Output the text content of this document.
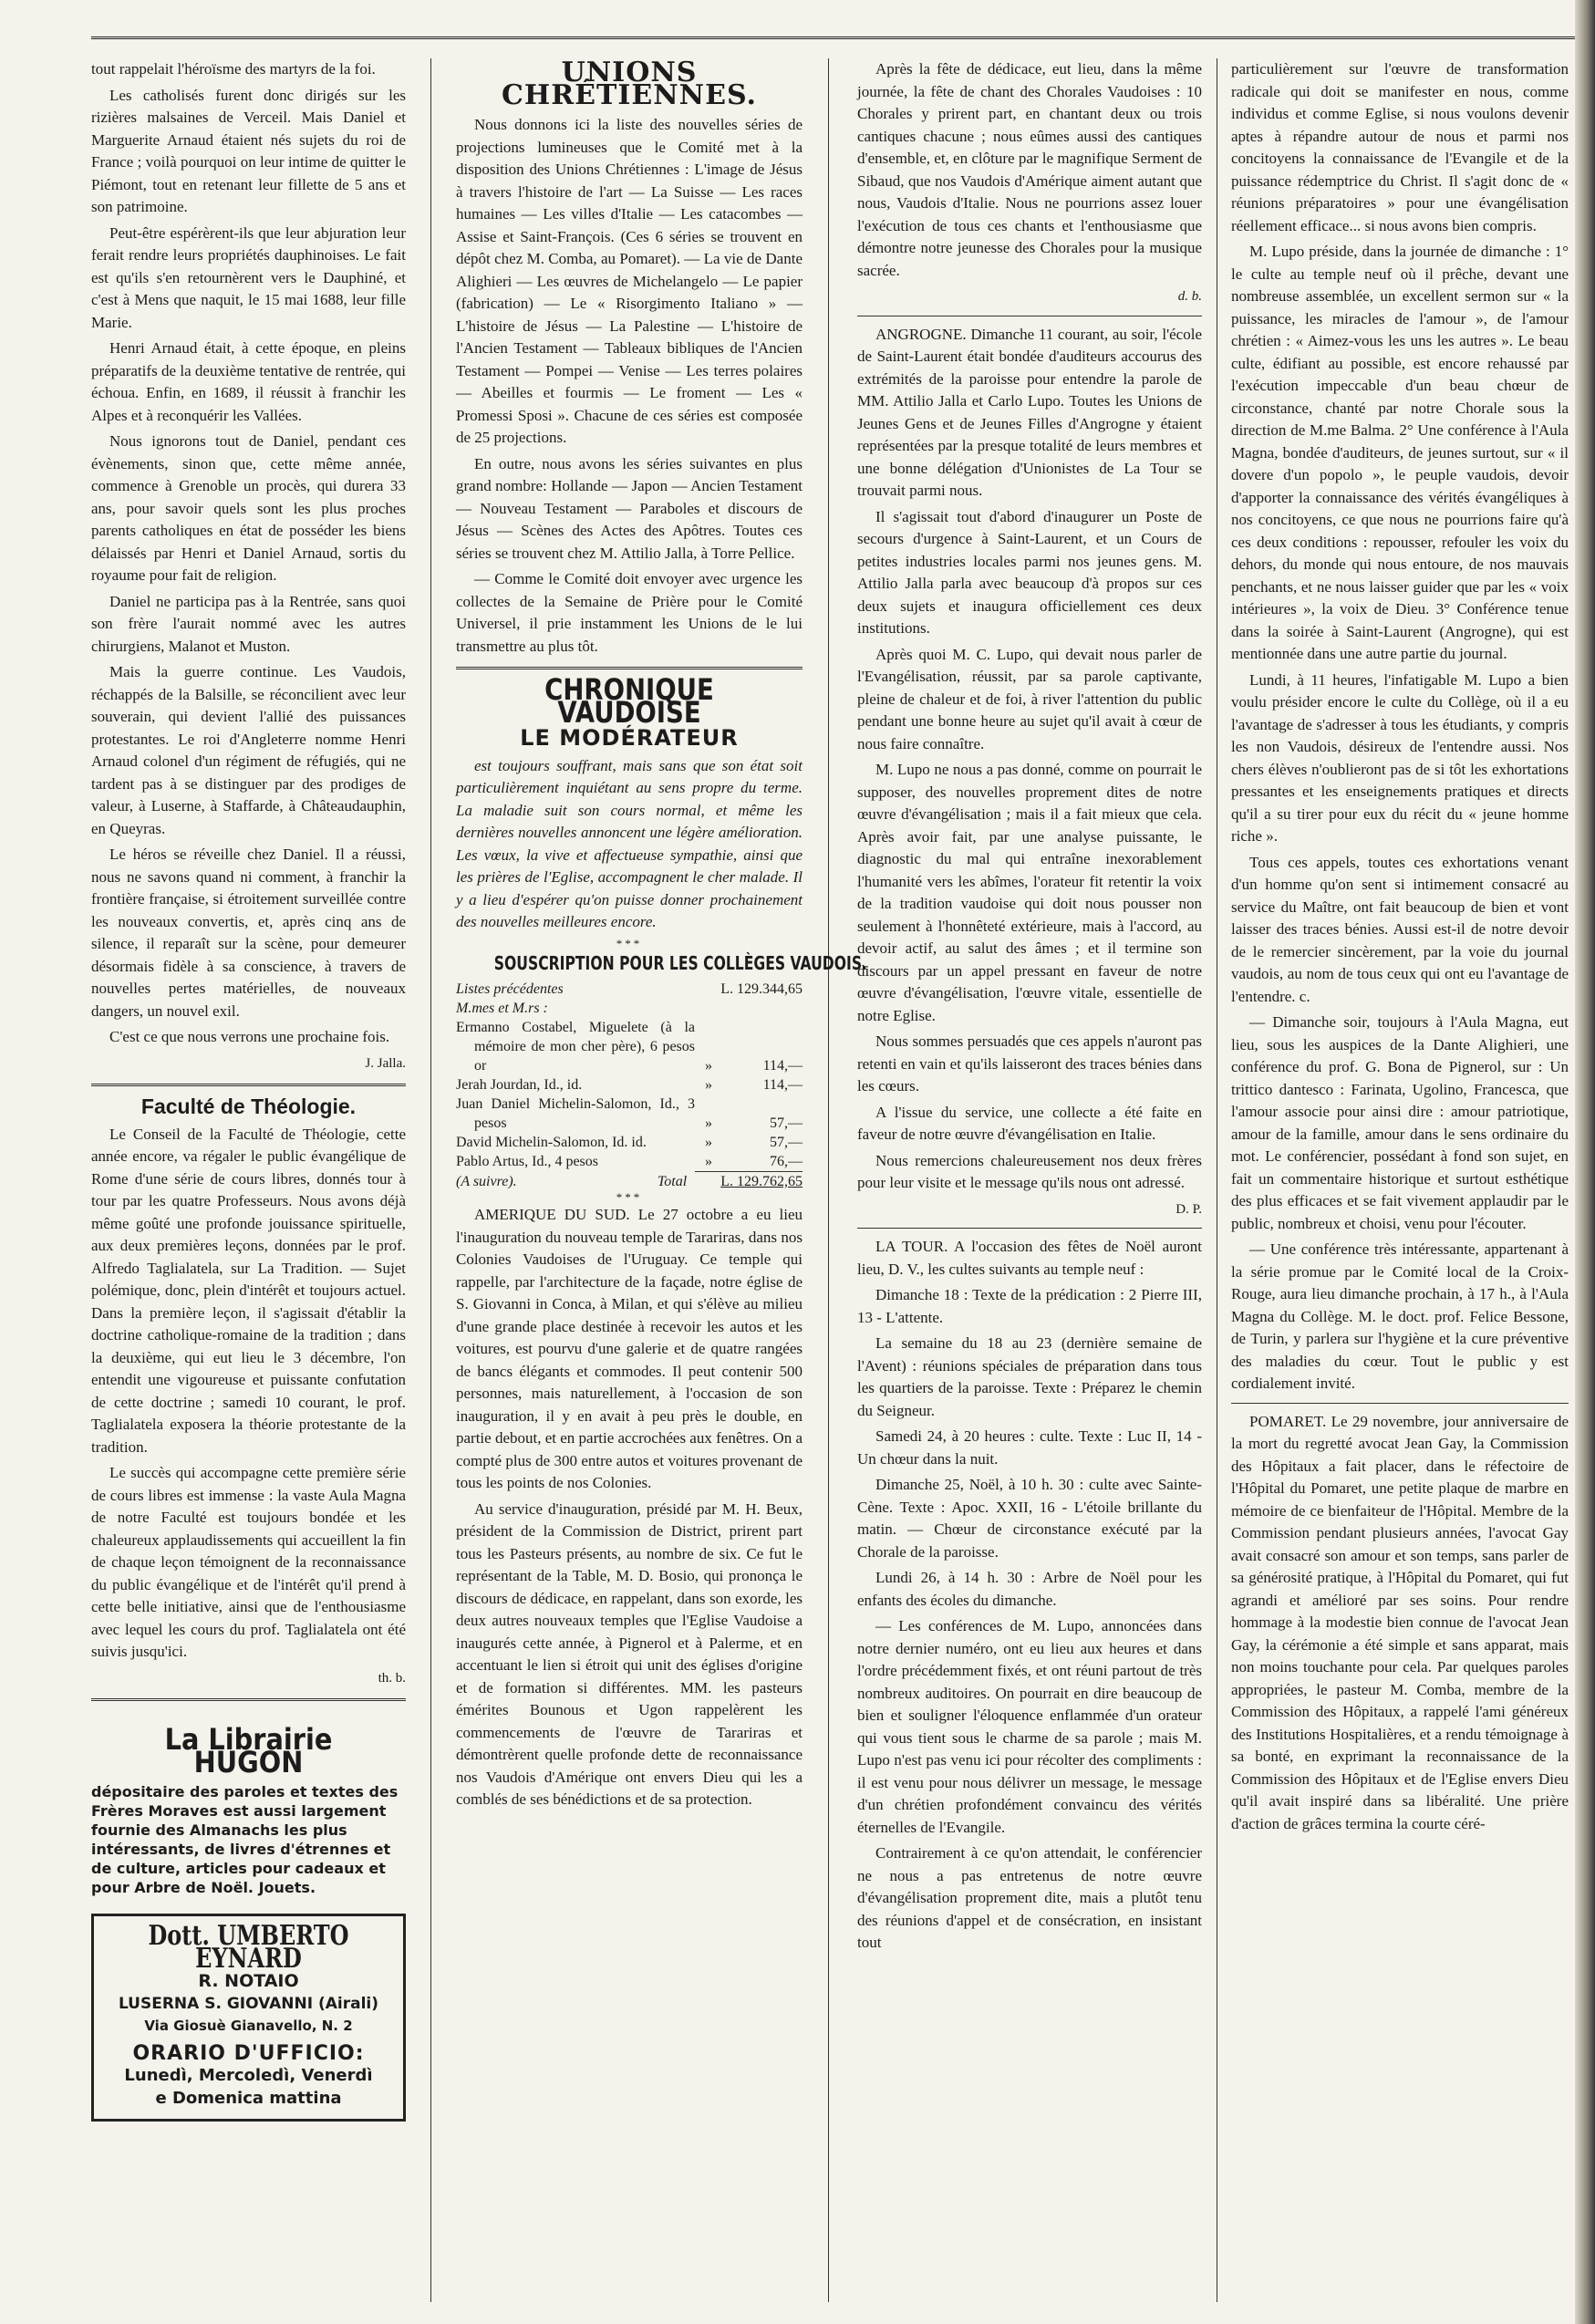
tout rappelait l'héroïsme des martyrs de la foi.

Les catholisés furent donc dirigés sur les rizières malsaines de Verceil. Mais Daniel et Marguerite Arnaud étaient nés sujets du roi de France ; voilà pourquoi on leur intime de quitter le Piémont, tout en retenant leur fillette de 5 ans et son patrimoine.

Peut-être espérèrent-ils que leur abjuration leur ferait rendre leurs propriétés dauphinoises. Le fait est qu'ils s'en retournèrent vers le Dauphiné, et c'est à Mens que naquit, le 15 mai 1688, leur fille Marie.

Henri Arnaud était, à cette époque, en pleins préparatifs de la deuxième tentative de rentrée, qui échoua. Enfin, en 1689, il réussit à franchir les Alpes et à reconquérir les Vallées.

Nous ignorons tout de Daniel, pendant ces évènements, sinon que, cette même année, commence à Grenoble un procès, qui durera 33 ans, pour savoir quels sont les plus proches parents catholiques en état de posséder les biens délaissés par Henri et Daniel Arnaud, sortis du royaume pour fait de religion.

Daniel ne participa pas à la Rentrée, sans quoi son frère l'aurait nommé avec les autres chirurgiens, Malanot et Muston.

Mais la guerre continue. Les Vaudois, réchappés de la Balsille, se réconcilient avec leur souverain, qui devient l'allié des puissances protestantes. Le roi d'Angleterre nomme Henri Arnaud colonel d'un régiment de réfugiés, qui ne tardent pas à se distinguer par des prodiges de valeur, à Luserne, à Staffarde, à Châteaudauphin, en Queyras.

Le héros se réveille chez Daniel. Il a réussi, nous ne savons quand ni comment, à franchir la frontière française, si étroitement surveillée contre les nouveaux convertis, et, après cinq ans de silence, il reparaît sur la scène, pour demeurer désormais fidèle à sa conscience, à travers de nouvelles pertes matérielles, de nouveaux dangers, un nouvel exil.

C'est ce que nous verrons une prochaine fois.

J. Jalla.
Faculté de Théologie.

Le Conseil de la Faculté de Théologie, cette année encore, va régaler le public évangélique de Rome d'une série de cours libres, donnés tour à tour par les quatre Professeurs. Nous avons déjà même goûté une profonde jouissance spirituelle, aux deux premières leçons, données par le prof. Alfredo Taglialatela, sur La Tradition. — Sujet polémique, donc, plein d'intérêt et toujours actuel. Dans la première leçon, il s'agissait d'établir la doctrine catholique-romaine de la tradition ; dans la deuxième, qui eut lieu le 3 décembre, l'on entendit une vigoureuse et puissante confutation de cette doctrine ; samedi 10 courant, le prof. Taglialatela exposera la théorie protestante de la tradition.

Le succès qui accompagne cette première série de cours libres est immense : la vaste Aula Magna de notre Faculté est toujours bondée et les chaleureux applaudissements qui accueillent la fin de chaque leçon témoignent de la reconnaissance du public évangélique et de l'intérêt qu'il prend à cette belle initiative, ainsi que de l'enthousiasme avec lequel les cours du prof. Taglialatela ont été suivis jusqu'ici.

th. b.
La Librairie HUGON
dépositaire des paroles et textes des Frères Moraves est aussi largement fournie des Almanachs les plus intéressants, de livres d'étrennes et de culture, articles pour cadeaux et pour Arbre de Noël. Jouets.
Dott. UMBERTO EYNARD
R. NOTAIO
LUSERNA S. GIOVANNI (Airali)
Via Giosuè Gianavello, N. 2
ORARIO D'UFFICIO:
Lunedì, Mercoledì, Venerdì
e Domenica mattina
UNIONS CHRÉTIENNES.

Nous donnons ici la liste des nouvelles séries de projections lumineuses que le Comité met à la disposition des Unions Chrétiennes : L'image de Jésus à travers l'histoire de l'art — La Suisse — Les races humaines — Les villes d'Italie — Les catacombes — Assise et Saint-François. (Ces 6 séries se trouvent en dépôt chez M. Comba, au Pomaret). — La vie de Dante Alighieri — Les œuvres de Michelangelo — Le papier (fabrication) — Le « Risorgimento Italiano » — L'histoire de Jésus — La Palestine — L'histoire de l'Ancien Testament — Tableaux bibliques de l'Ancien Testament — Pompei — Venise — Les terres polaires — Abeilles et fourmis — Le froment — Les « Promessi Sposi ». Chacune de ces séries est composée de 25 projections.

En outre, nous avons les séries suivantes en plus grand nombre: Hollande — Japon — Ancien Testament — Nouveau Testament — Paraboles et discours de Jésus — Scènes des Actes des Apôtres. Toutes ces séries se trouvent chez M. Attilio Jalla, à Torre Pellice.

— Comme le Comité doit envoyer avec urgence les collectes de la Semaine de Prière pour le Comité Universel, il prie instamment les Unions de le lui transmettre au plus tôt.

CHRONIQUE VAUDOISE
LE MODÉRATEUR

est toujours souffrant, mais sans que son état soit particulièrement inquiétant au sens propre du terme. La maladie suit son cours normal, et même les dernières nouvelles annoncent une légère amélioration. Les vœux, la vive et affectueuse sympathie, ainsi que les prières de l'Eglise, accompagnent le cher malade. Il y a lieu d'espérer qu'on puisse donner prochainement des nouvelles meilleures encore.

***
SOUSCRIPTION POUR LES COLLÈGES VAUDOIS.
Listes précédentes	L. 129.344,65
M.mes et M.rs :
Ermanno Costabel, Miguelete (à la mémoire de mon cher père), 6 pesos or	»	114,—
Jerah Jourdan, Id., id.	»	114,—
Juan Daniel Michelin-Salomon, Id., 3 pesos	»	57,—
David Michelin-Salomon, Id. id.	»	57,—
Pablo Artus, Id., 4 pesos	»	76,—
(A suivre).	Total	L. 129.762,65
***

AMERIQUE DU SUD. Le 27 octobre a eu lieu l'inauguration du nouveau temple de Tarariras, dans nos Colonies Vaudoises de l'Uruguay. Ce temple qui rappelle, par l'architecture de la façade, notre église de S. Giovanni in Conca, à Milan, et qui s'élève au milieu d'une grande place destinée à recevoir les autos et les voitures, est pourvu d'une galerie et de quatre rangées de bancs élégants et commodes. Il peut contenir 500 personnes, mais naturellement, à l'occasion de son inauguration, il y en avait à peu près le double, en partie debout, et en partie accrochées aux fenêtres. On a compté plus de 300 entre autos et voitures provenant de tous les points de nos Colonies.

Au service d'inauguration, présidé par M. H. Beux, président de la Commission de District, prirent part tous les Pasteurs présents, au nombre de six. Ce fut le représentant de la Table, M. D. Bosio, qui prononça le discours de dédicace, en rappelant, dans son exorde, les deux autres nouveaux temples que l'Eglise Vaudoise a inaugurés cette année, à Pignerol et à Palerme, et en accentuant le lien si étroit qui unit des églises d'origine et de formation si différentes. MM. les pasteurs émérites Bounous et Ugon rappelèrent les commencements de l'œuvre de Tarariras et démontrèrent quelle profonde dette de reconnaissance nos Vaudois d'Amérique ont envers Dieu qui les a comblés de ses bénédictions et de sa protection.

Après la fête de dédicace, eut lieu, dans la même journée, la fête de chant des Chorales Vaudoises : 10 Chorales y prirent part, en chantant deux ou trois cantiques chacune ; nous eûmes aussi des cantiques d'ensemble, et, en clôture par le magnifique Serment de Sibaud, que nos Vaudois d'Amérique aiment autant que nous, Vaudois d'Italie. Nous ne pourrions assez louer l'exécution de tous ces chants et l'enthousiasme que démontre notre jeunesse des Chorales pour la musique sacrée.

d. b.

ANGROGNE. Dimanche 11 courant, au soir, l'école de Saint-Laurent était bondée d'auditeurs accourus des extrémités de la paroisse pour entendre la parole de MM. Attilio Jalla et Carlo Lupo. Toutes les Unions de Jeunes Gens et de Jeunes Filles d'Angrogne y étaient représentées par la presque totalité de leurs membres et une bonne délégation d'Unionistes de La Tour se trouvait parmi nous.

Il s'agissait tout d'abord d'inaugurer un Poste de secours d'urgence à Saint-Laurent, et un Cours de petites industries locales parmi nos jeunes gens. M. Attilio Jalla parla avec beaucoup d'à propos sur ces deux sujets et inaugura officiellement ces deux institutions.

Après quoi M. C. Lupo, qui devait nous parler de l'Evangélisation, réussit, par sa parole captivante, pleine de chaleur et de foi, à river l'attention du public pendant une bonne heure au sujet qu'il avait à cœur de nous faire connaître.

M. Lupo ne nous a pas donné, comme on pourrait le supposer, des nouvelles proprement dites de notre œuvre d'évangélisation ; mais il a fait mieux que cela. Après avoir fait, par une analyse puissante, le diagnostic du mal qui entraîne inexorablement l'humanité vers les abîmes, l'orateur fit retentir la voix de la tradition vaudoise qui doit nous pousser non seulement à l'honnêteté extérieure, mais à l'accord, au devoir actif, au salut des âmes ; et il termine son discours par un appel pressant en faveur de notre œuvre d'évangélisation, l'œuvre vitale, essentielle de notre Eglise.

Nous sommes persuadés que ces appels n'auront pas retenti en vain et qu'ils laisseront des traces bénies dans les cœurs.

A l'issue du service, une collecte a été faite en faveur de notre œuvre d'évangélisation en Italie.

Nous remercions chaleureusement nos deux frères pour leur visite et le message qu'ils nous ont adressé.

D. P.

LA TOUR. A l'occasion des fêtes de Noël auront lieu, D. V., les cultes suivants au temple neuf :

Dimanche 18 : Texte de la prédication : 2 Pierre III, 13 - L'attente.

La semaine du 18 au 23 (dernière semaine de l'Avent) : réunions spéciales de préparation dans tous les quartiers de la paroisse. Texte : Préparez le chemin du Seigneur.

Samedi 24, à 20 heures : culte. Texte : Luc II, 14 - Un chœur dans la nuit.

Dimanche 25, Noël, à 10 h. 30 : culte avec Sainte-Cène. Texte : Apoc. XXII, 16 - L'étoile brillante du matin. — Chœur de circonstance exécuté par la Chorale de la paroisse.

Lundi 26, à 14 h. 30 : Arbre de Noël pour les enfants des écoles du dimanche.

— Les conférences de M. Lupo, annoncées dans notre dernier numéro, ont eu lieu aux heures et dans l'ordre précédemment fixés, et ont réuni partout de très nombreux auditoires. On pourrait en dire beaucoup de bien et souligner l'éloquence enflammée d'un orateur qui vous tient sous le charme de sa parole ; mais M. Lupo n'est pas venu ici pour récolter des compliments : il est venu pour nous délivrer un message, le message d'un chrétien profondément convaincu des vérités éternelles de l'Evangile.

Contrairement à ce qu'on attendait, le conférencier ne nous a pas entretenus de notre œuvre d'évangélisation proprement dite, mais a plutôt tenu des réunions d'appel et de consécration, en insistant tout

particulièrement sur l'œuvre de transformation radicale qui doit se manifester en nous, comme individus et comme Eglise, si nous voulons devenir aptes à répandre autour de nous et parmi nos concitoyens la connaissance de l'Evangile et de la puissance rédemptrice du Christ. Il s'agit donc de « réunions préparatoires » pour une évangélisation réellement efficace... si nous avons bien compris.

M. Lupo préside, dans la journée de dimanche : 1° le culte au temple neuf où il prêche, devant une nombreuse assemblée, un excellent sermon sur « la puissance, les miracles de l'amour », de l'amour chrétien : « Aimez-vous les uns les autres ». Le beau culte, édifiant au possible, est encore rehaussé par l'exécution impeccable d'un beau chœur de circonstance, chanté par notre Chorale sous la direction de M.me Balma. 2° Une conférence à l'Aula Magna, bondée d'auditeurs, de jeunes surtout, sur « il dovere d'un popolo », le peuple vaudois, devoir d'apporter la connaissance des vérités évangéliques à nos concitoyens, ce que nous ne pourrions faire qu'à ces deux conditions : repousser, refouler les voix du dehors, du monde qui nous entoure, de nos mauvais penchants, et ne nous laisser guider que par les « voix intérieures », la voix de Dieu. 3° Conférence tenue dans la soirée à Saint-Laurent (Angrogne), qui est mentionnée dans une autre partie du journal.

Lundi, à 11 heures, l'infatigable M. Lupo a bien voulu présider encore le culte du Collège, où il a eu l'avantage de s'adresser à tous les étudiants, y compris les non Vaudois, désireux de l'entendre aussi. Nos chers élèves n'oublieront pas de si tôt les exhortations pressantes et les enseignements pratiques et directs qu'il a su tirer pour eux du récit du « jeune homme riche ».

Tous ces appels, toutes ces exhortations venant d'un homme qu'on sent si intimement consacré au service du Maître, ont fait beaucoup de bien et vont laisser des traces bénies. Aussi est-il de notre devoir de le remercier sincèrement, par la voie du journal vaudois, au nom de tous ceux qui ont eu l'avantage de l'entendre. c.

— Dimanche soir, toujours à l'Aula Magna, eut lieu, sous les auspices de la Dante Alighieri, une conférence du prof. G. Bona de Pignerol, sur : Un trittico dantesco : Farinata, Ugolino, Francesca, que l'amour associe pour ainsi dire : amour patriotique, amour de la famille, amour dans le sens ordinaire du mot. Le conférencier, possédant à fond son sujet, en fait un commentaire historique et surtout esthétique des plus efficaces et se fait vivement applaudir par le public, nombreux et choisi, venu pour l'écouter.

— Une conférence très intéressante, appartenant à la série promue par le Comité local de la Croix-Rouge, aura lieu dimanche prochain, à 17 h., à l'Aula Magna du Collège. M. le doct. prof. Felice Bessone, de Turin, y parlera sur l'hygiène et la cure préventive des maladies du cœur. Tout le public y est cordialement invité.

POMARET. Le 29 novembre, jour anniversaire de la mort du regretté avocat Jean Gay, la Commission des Hôpitaux a fait placer, dans le réfectoire de l'Hôpital du Pomaret, une petite plaque de marbre en mémoire de ce bienfaiteur de l'Hôpital. Membre de la Commission pendant plusieurs années, l'avocat Gay avait consacré son amour et son temps, sans parler de sa générosité pratique, à l'Hôpital du Pomaret, qui fut agrandi et amélioré par ses soins. Pour rendre hommage à la modestie bien connue de l'avocat Jean Gay, la cérémonie a été simple et sans apparat, mais non moins touchante pour cela. Par quelques paroles appropriées, le pasteur M. Comba, membre de la Commission des Hôpitaux, a rappelé l'ami généreux des Institutions Hospitalières, et a rendu témoignage à sa bonté, en exprimant la reconnaissance de la Commission des Hôpitaux et de l'Eglise envers Dieu qu'il avait inspiré dans sa libéralité. Une prière d'action de grâces termina la courte céré-
